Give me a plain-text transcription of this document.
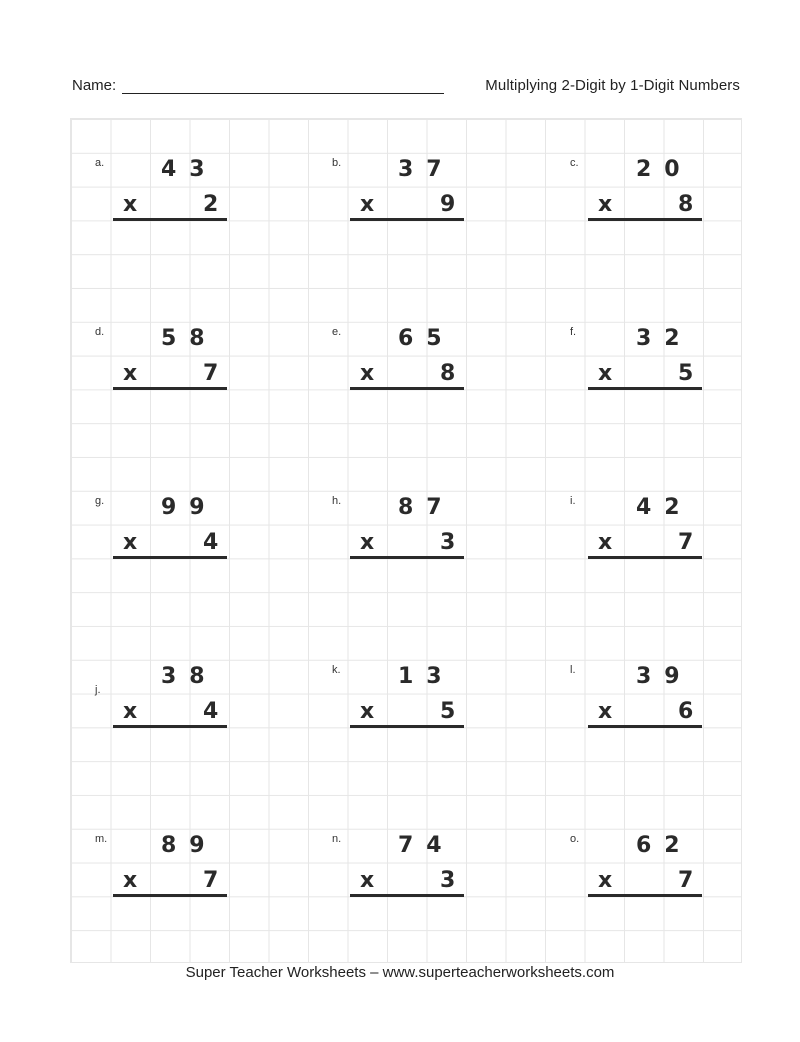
Name:	Multiplying 2-Digit by 1-Digit Numbers
a.	43
x	2
b.	37
x	9
c.	20
x	8
d.	58
x	7
e.	65
x	8
f.	32
x	5
g.	99
x	4
h.	87
x	3
i.	42
x	7
j.
38
x	4
k.	13
x	5
l.	39
x	6
m. 89
x	7
n.	74
x	3
o.	62
x	7
Super Teacher Worksheets – www.superteacherworksheets.com
